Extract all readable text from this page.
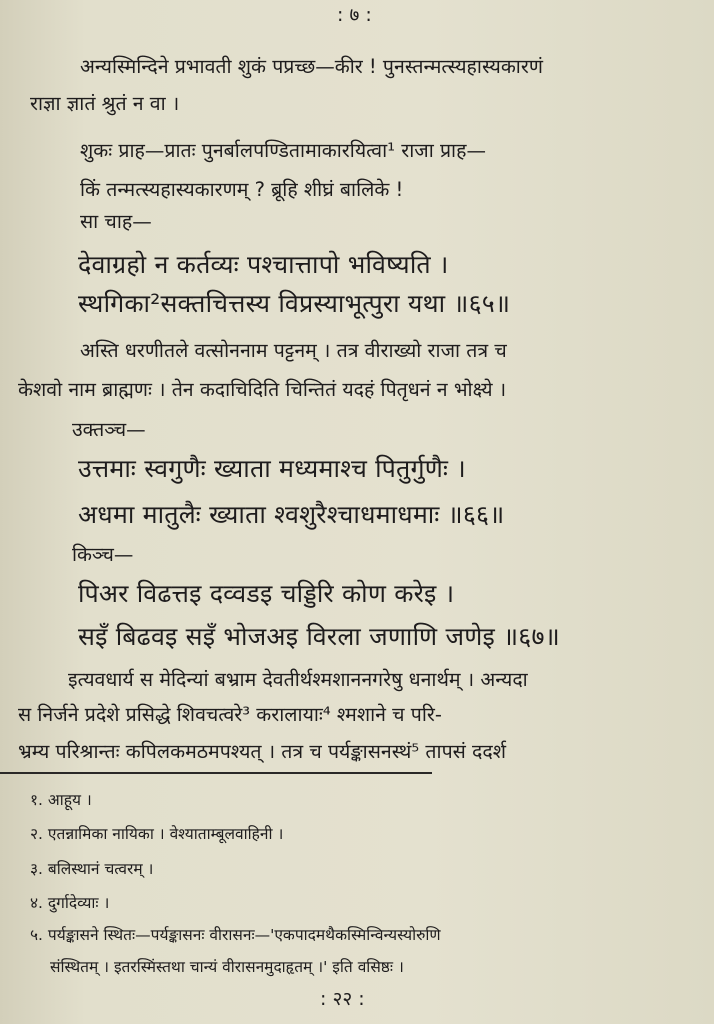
: ७ :
अन्यस्मिन्दिने प्रभावती शुकं पप्रच्छ—कीर ! पुनस्तन्मत्स्यहास्यकारणं
राज्ञा ज्ञातं श्रुतं न वा ।
शुकः प्राह—प्रातः पुनर्बालपण्डितामाकारयित्वा¹ राजा प्राह—
किं तन्मत्स्यहास्यकारणम् ? ब्रूहि शीघ्रं बालिके !
सा चाह—
देवाग्रहो न कर्तव्यः पश्चात्तापो भविष्यति ।
स्थगिका²सक्तचित्तस्य विप्रस्याभूत्पुरा यथा ॥६५॥
अस्ति धरणीतले वत्सोननाम पट्टनम् । तत्र वीराख्यो राजा तत्र च
केशवो नाम ब्राह्मणः । तेन कदाचिदिति चिन्तितं यदहं पितृधनं न भोक्ष्ये ।
उक्तञ्च—
उत्तमाः स्वगुणैः ख्याता मध्यमाश्च पितुर्गुणैः ।
अधमा मातुलैः ख्याता श्वशुरैश्चाधमाधमाः ॥६६॥
किञ्च—
पिअर विढत्तइ दव्वडइ चड्डिरि कोण करेइ ।
सइँ बिढवइ सइँ भोजअइ विरला जणाणि जणेइ ॥६७॥
इत्यवधार्य स मेदिन्यां बभ्राम देवतीर्थश्मशाननगरेषु धनार्थम् । अन्यदा
स निर्जने प्रदेशे प्रसिद्धे शिवचत्वरे³ करालायाः⁴ श्मशाने च परि-
भ्रम्य परिश्रान्तः कपिलकमठमपश्यत् । तत्र च पर्यङ्कासनस्थं⁵ तापसं ददर्श
१. आहूय ।
२. एतन्नामिका नायिका । वेश्याताम्बूलवाहिनी ।
३. बलिस्थानं चत्वरम् ।
४. दुर्गादेव्याः ।
५. पर्यङ्कासने स्थितः—पर्यङ्कासनः वीरासनः—'एकपादमथैकस्मिन्विन्यस्योरुणि
संस्थितम् । इतरस्मिंस्तथा चान्यं वीरासनमुदाहृतम् ।' इति वसिष्ठः ।
: २२ :
